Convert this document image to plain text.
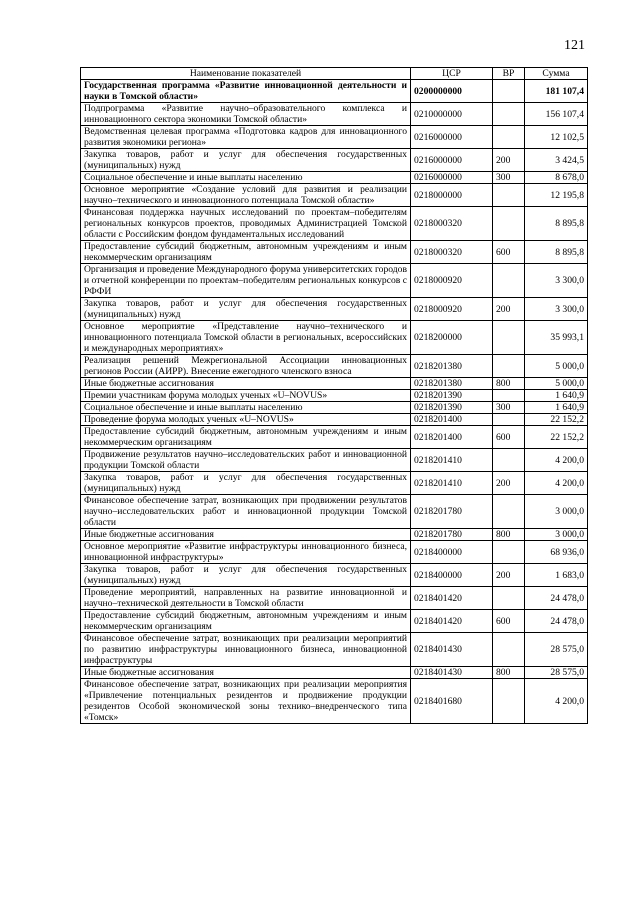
121
Наименование показателей	ЦСР	ВР	Сумма
Государственная программа «Развитие инновационной деятельности и науки в Томской области»	0200000000		181 107,4
Подпрограмма «Развитие научно–образовательного комплекса и инновационного сектора экономики Томской области»	0210000000		156 107,4
Ведомственная целевая программа «Подготовка кадров для инновационного развития экономики региона»	0216000000		12 102,5
Закупка товаров, работ и услуг для обеспечения государственных (муниципальных) нужд	0216000000	200	3 424,5
Социальное обеспечение и иные выплаты населению	0216000000	300	8 678,0
Основное мероприятие «Создание условий для развития и реализации научно–технического и инновационного потенциала Томской области»	0218000000		12 195,8
Финансовая поддержка научных исследований по проектам–победителям региональных конкурсов проектов, проводимых Администрацией Томской области с Российским фондом фундаментальных исследований	0218000320		8 895,8
Предоставление субсидий бюджетным, автономным учреждениям и иным некоммерческим организациям	0218000320	600	8 895,8
Организация и проведение Международного форума университетских городов и отчетной конференции по проектам–победителям региональных конкурсов с РФФИ	0218000920		3 300,0
Закупка товаров, работ и услуг для обеспечения государственных (муниципальных) нужд	0218000920	200	3 300,0
Основное мероприятие «Представление научно–технического и инновационного потенциала Томской области в региональных, всероссийских и международных мероприятиях»	0218200000		35 993,1
Реализация решений Межрегиональной Ассоциации инновационных регионов России (АИРР). Внесение ежегодного членского взноса	0218201380		5 000,0
Иные бюджетные ассигнования	0218201380	800	5 000,0
Премии участникам форума молодых ученых «U–NOVUS»	0218201390		1 640,9
Социальное обеспечение и иные выплаты населению	0218201390	300	1 640,9
Проведение форума молодых ученых «U–NOVUS»	0218201400		22 152,2
Предоставление субсидий бюджетным, автономным учреждениям и иным некоммерческим организациям	0218201400	600	22 152,2
Продвижение результатов научно–исследовательских работ и инновационной продукции Томской области	0218201410		4 200,0
Закупка товаров, работ и услуг для обеспечения государственных (муниципальных) нужд	0218201410	200	4 200,0
Финансовое обеспечение затрат, возникающих при продвижении результатов научно–исследовательских работ и инновационной продукции Томской области	0218201780		3 000,0
Иные бюджетные ассигнования	0218201780	800	3 000,0
Основное мероприятие «Развитие инфраструктуры инновационного бизнеса, инновационной инфраструктуры»	0218400000		68 936,0
Закупка товаров, работ и услуг для обеспечения государственных (муниципальных) нужд	0218400000	200	1 683,0
Проведение мероприятий, направленных на развитие инновационной и научно–технической деятельности в Томской области	0218401420		24 478,0
Предоставление субсидий бюджетным, автономным учреждениям и иным некоммерческим организациям	0218401420	600	24 478,0
Финансовое обеспечение затрат, возникающих при реализации мероприятий по развитию инфраструктуры инновационного бизнеса, инновационной инфраструктуры	0218401430		28 575,0
Иные бюджетные ассигнования	0218401430	800	28 575,0
Финансовое обеспечение затрат, возникающих при реализации мероприятия «Привлечение потенциальных резидентов и продвижение продукции резидентов Особой экономической зоны технико–внедренческого типа «Томск»	0218401680		4 200,0
